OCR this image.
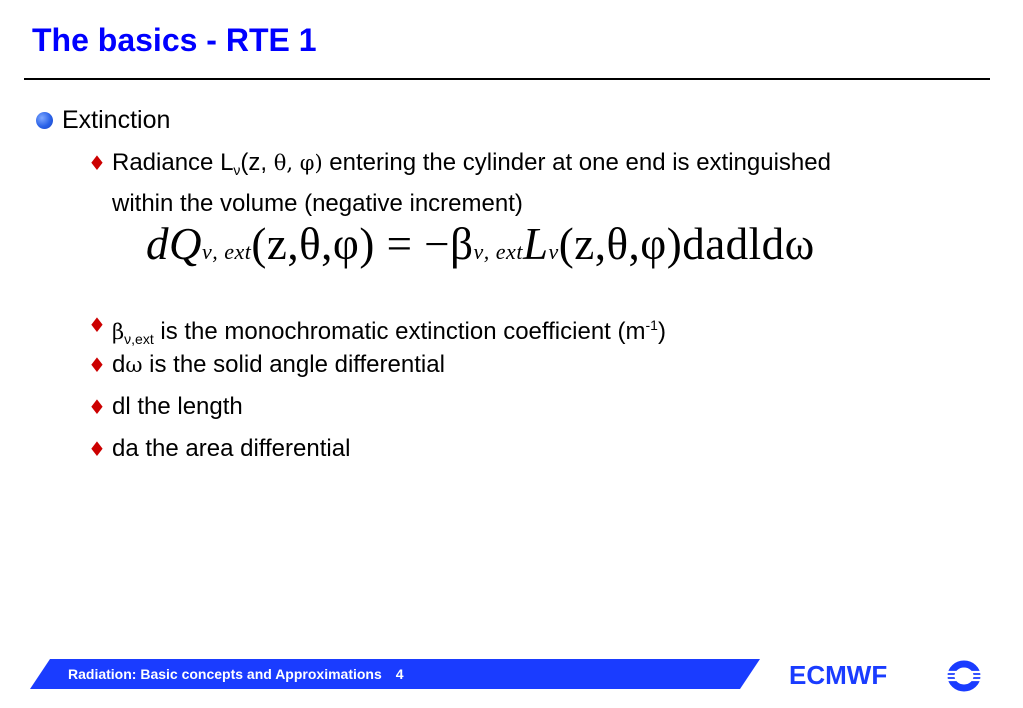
The basics - RTE 1
Extinction
♦ Radiance $L_\nu(z$, θ, φ) entering the cylinder at one end is extinguished
within the volume (negative increment)
dQν, ext(z,θ,φ) = −βν, extLν(z,θ,φ)dadldω
♦ $\beta_{\nu,ext}$ is the monochromatic extinction coefficient $(m^{-1})$
♦ dω is the solid angle differential
♦ dl the length
♦ da the area differential
Radiation: Basic concepts and Approximations 4	ECMWF
